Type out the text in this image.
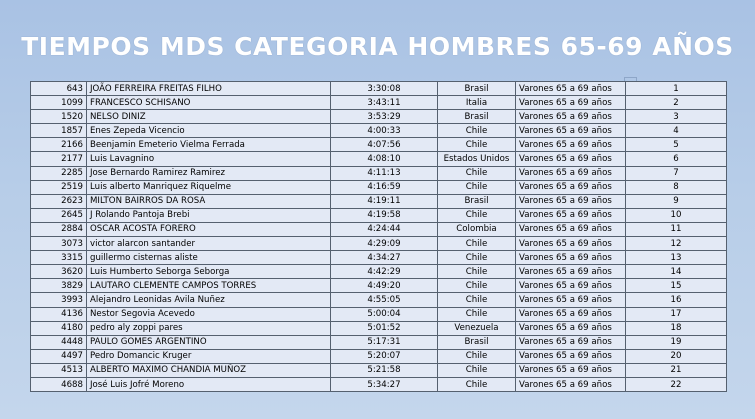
TIEMPOS MDS CATEGORIA HOMBRES 65-69 AÑOS
643	JOÃO FERREIRA FREITAS FILHO	3:30:08	Brasil	Varones 65 a 69 años	1
1099	FRANCESCO SCHISANO	3:43:11	Italia	Varones 65 a 69 años	2
1520	NELSO DINIZ	3:53:29	Brasil	Varones 65 a 69 años	3
1857	Enes Zepeda Vicencio	4:00:33	Chile	Varones 65 a 69 años	4
2166	Beenjamin Emeterio Vielma Ferrada	4:07:56	Chile	Varones 65 a 69 años	5
2177	Luis Lavagnino	4:08:10	Estados Unidos	Varones 65 a 69 años	6
2285	Jose Bernardo Ramirez Ramirez	4:11:13	Chile	Varones 65 a 69 años	7
2519	Luis alberto Manriquez Riquelme	4:16:59	Chile	Varones 65 a 69 años	8
2623	MILTON BAIRROS DA ROSA	4:19:11	Brasil	Varones 65 a 69 años	9
2645	J Rolando Pantoja Brebi	4:19:58	Chile	Varones 65 a 69 años	10
2884	OSCAR ACOSTA FORERO	4:24:44	Colombia	Varones 65 a 69 años	11
3073	victor alarcon santander	4:29:09	Chile	Varones 65 a 69 años	12
3315	guillermo cisternas aliste	4:34:27	Chile	Varones 65 a 69 años	13
3620	Luis Humberto Seborga Seborga	4:42:29	Chile	Varones 65 a 69 años	14
3829	LAUTARO CLEMENTE CAMPOS TORRES	4:49:20	Chile	Varones 65 a 69 años	15
3993	Alejandro Leonidas Avila Nuñez	4:55:05	Chile	Varones 65 a 69 años	16
4136	Nestor Segovia Acevedo	5:00:04	Chile	Varones 65 a 69 años	17
4180	pedro aly zoppi pares	5:01:52	Venezuela	Varones 65 a 69 años	18
4448	PAULO GOMES ARGENTINO	5:17:31	Brasil	Varones 65 a 69 años	19
4497	Pedro Domancic Kruger	5:20:07	Chile	Varones 65 a 69 años	20
4513	ALBERTO MAXIMO CHANDIA MUÑOZ	5:21:58	Chile	Varones 65 a 69 años	21
4688	José Luis Jofré Moreno	5:34:27	Chile	Varones 65 a 69 años	22
